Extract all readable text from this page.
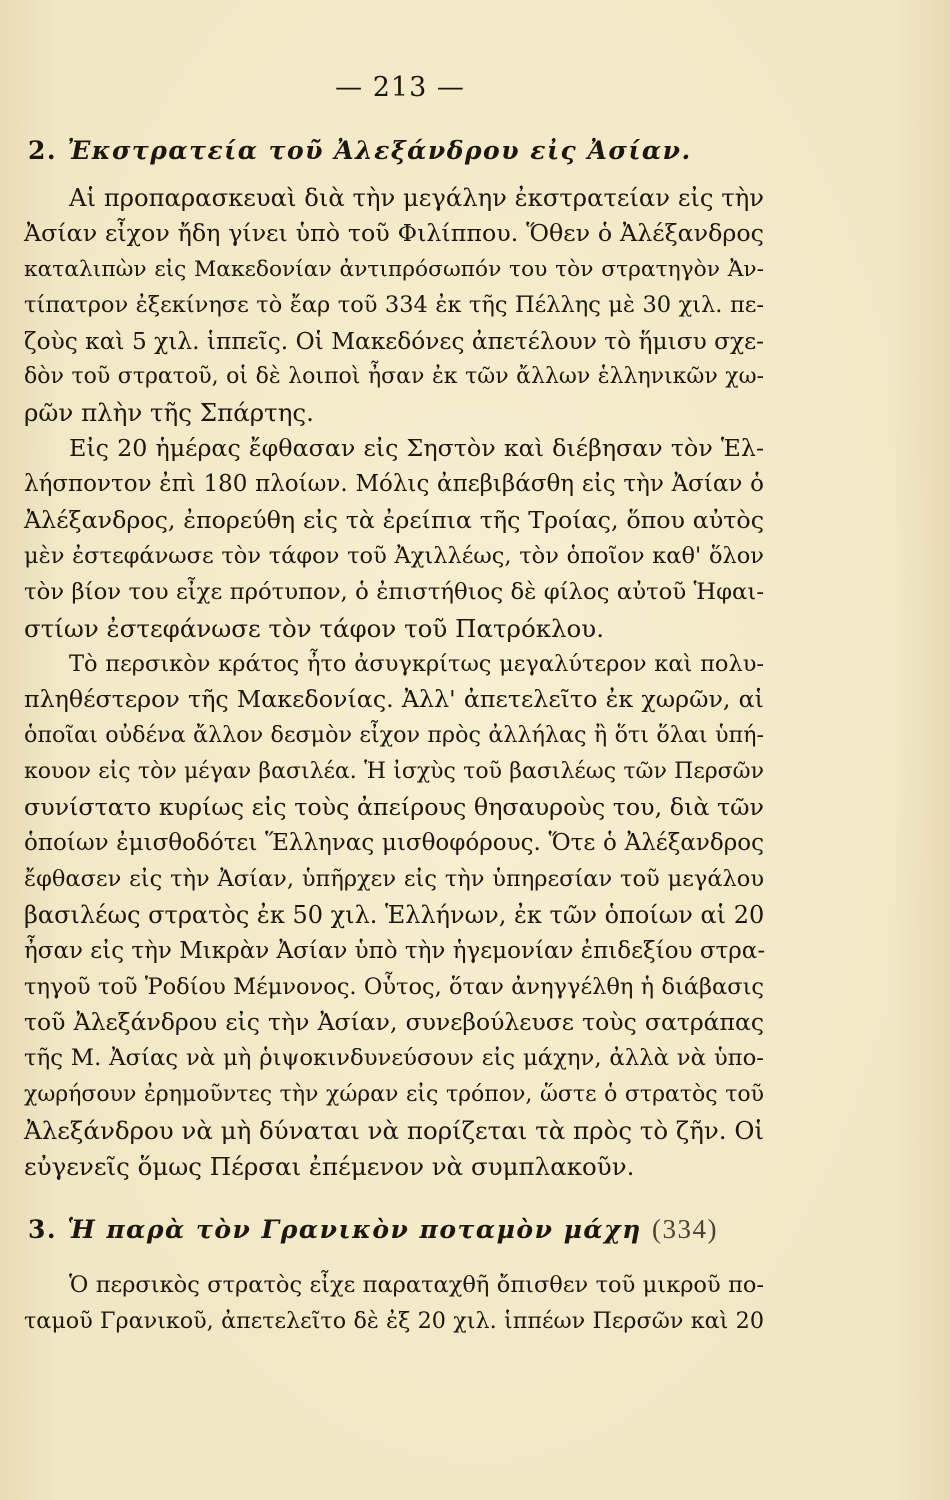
— 213 —
2. Ἐκστρατεία τοῦ Ἀλεξάνδρου εἰς Ἀσίαν.
Αἱ προπαρασκευαὶ διὰ τὴν μεγάλην ἐκστρατείαν εἰς τὴν
Ἀσίαν εἶχον ἤδη γίνει ὑπὸ τοῦ Φιλίππου. Ὅθεν ὁ Ἀλέξανδρος
καταλιπὼν εἰς Μακεδονίαν ἀντιπρόσωπόν του τὸν στρατηγὸν Ἀν-
τίπατρον ἐξεκίνησε τὸ ἔαρ τοῦ 334 ἐκ τῆς Πέλλης μὲ 30 χιλ. πε-
ζοὺς καὶ 5 χιλ. ἱππεῖς. Οἱ Μακεδόνες ἀπετέλουν τὸ ἥμισυ σχε-
δὸν τοῦ στρατοῦ, οἱ δὲ λοιποὶ ἦσαν ἐκ τῶν ἄλλων ἑλληνικῶν χω-
ρῶν πλὴν τῆς Σπάρτης.
Εἰς 20 ἡμέρας ἔφθασαν εἰς Σηστὸν καὶ διέβησαν τὸν Ἑλ-
λήσποντον ἐπὶ 180 πλοίων. Μόλις ἀπεβιβάσθη εἰς τὴν Ἀσίαν ὁ
Ἀλέξανδρος, ἐπορεύθη εἰς τὰ ἐρείπια τῆς Τροίας, ὅπου αὐτὸς
μὲν ἐστεφάνωσε τὸν τάφον τοῦ Ἀχιλλέως, τὸν ὁποῖον καθ' ὅλον
τὸν βίον του εἶχε πρότυπον, ὁ ἐπιστήθιος δὲ φίλος αὐτοῦ Ἡφαι-
στίων ἐστεφάνωσε τὸν τάφον τοῦ Πατρόκλου.
Τὸ περσικὸν κράτος ἦτο ἀσυγκρίτως μεγαλύτερον καὶ πολυ-
πληθέστερον τῆς Μακεδονίας. Ἀλλ' ἀπετελεῖτο ἐκ χωρῶν, αἱ
ὁποῖαι οὐδένα ἄλλον δεσμὸν εἶχον πρὸς ἀλλήλας ἢ ὅτι ὅλαι ὑπή-
κουον εἰς τὸν μέγαν βασιλέα. Ἡ ἰσχὺς τοῦ βασιλέως τῶν Περσῶν
συνίστατο κυρίως εἰς τοὺς ἀπείρους θησαυροὺς του, διὰ τῶν
ὁποίων ἐμισθοδότει Ἕλληνας μισθοφόρους. Ὅτε ὁ Ἀλέξανδρος
ἔφθασεν εἰς τὴν Ἀσίαν, ὑπῆρχεν εἰς τὴν ὑπηρεσίαν τοῦ μεγάλου
βασιλέως στρατὸς ἐκ 50 χιλ. Ἑλλήνων, ἐκ τῶν ὁποίων αἱ 20
ἦσαν εἰς τὴν Μικρὰν Ἀσίαν ὑπὸ τὴν ἡγεμονίαν ἐπιδεξίου στρα-
τηγοῦ τοῦ Ῥοδίου Μέμνονος. Οὗτος, ὅταν ἀνηγγέλθη ἡ διάβασις
τοῦ Ἀλεξάνδρου εἰς τὴν Ἀσίαν, συνεβούλευσε τοὺς σατράπας
τῆς Μ. Ἀσίας νὰ μὴ ῥιψοκινδυνεύσουν εἰς μάχην, ἀλλὰ νὰ ὑπο-
χωρήσουν ἐρημοῦντες τὴν χώραν εἰς τρόπον, ὥστε ὁ στρατὸς τοῦ
Ἀλεξάνδρου νὰ μὴ δύναται νὰ πορίζεται τὰ πρὸς τὸ ζῆν. Οἱ
εὐγενεῖς ὅμως Πέρσαι ἐπέμενον νὰ συμπλακοῦν.
3. Ἡ παρὰ τὸν Γρανικὸν ποταμὸν μάχη (334)
Ὁ περσικὸς στρατὸς εἶχε παραταχθῆ ὄπισθεν τοῦ μικροῦ πο-
ταμοῦ Γρανικοῦ, ἀπετελεῖτο δὲ ἐξ 20 χιλ. ἱππέων Περσῶν καὶ 20
